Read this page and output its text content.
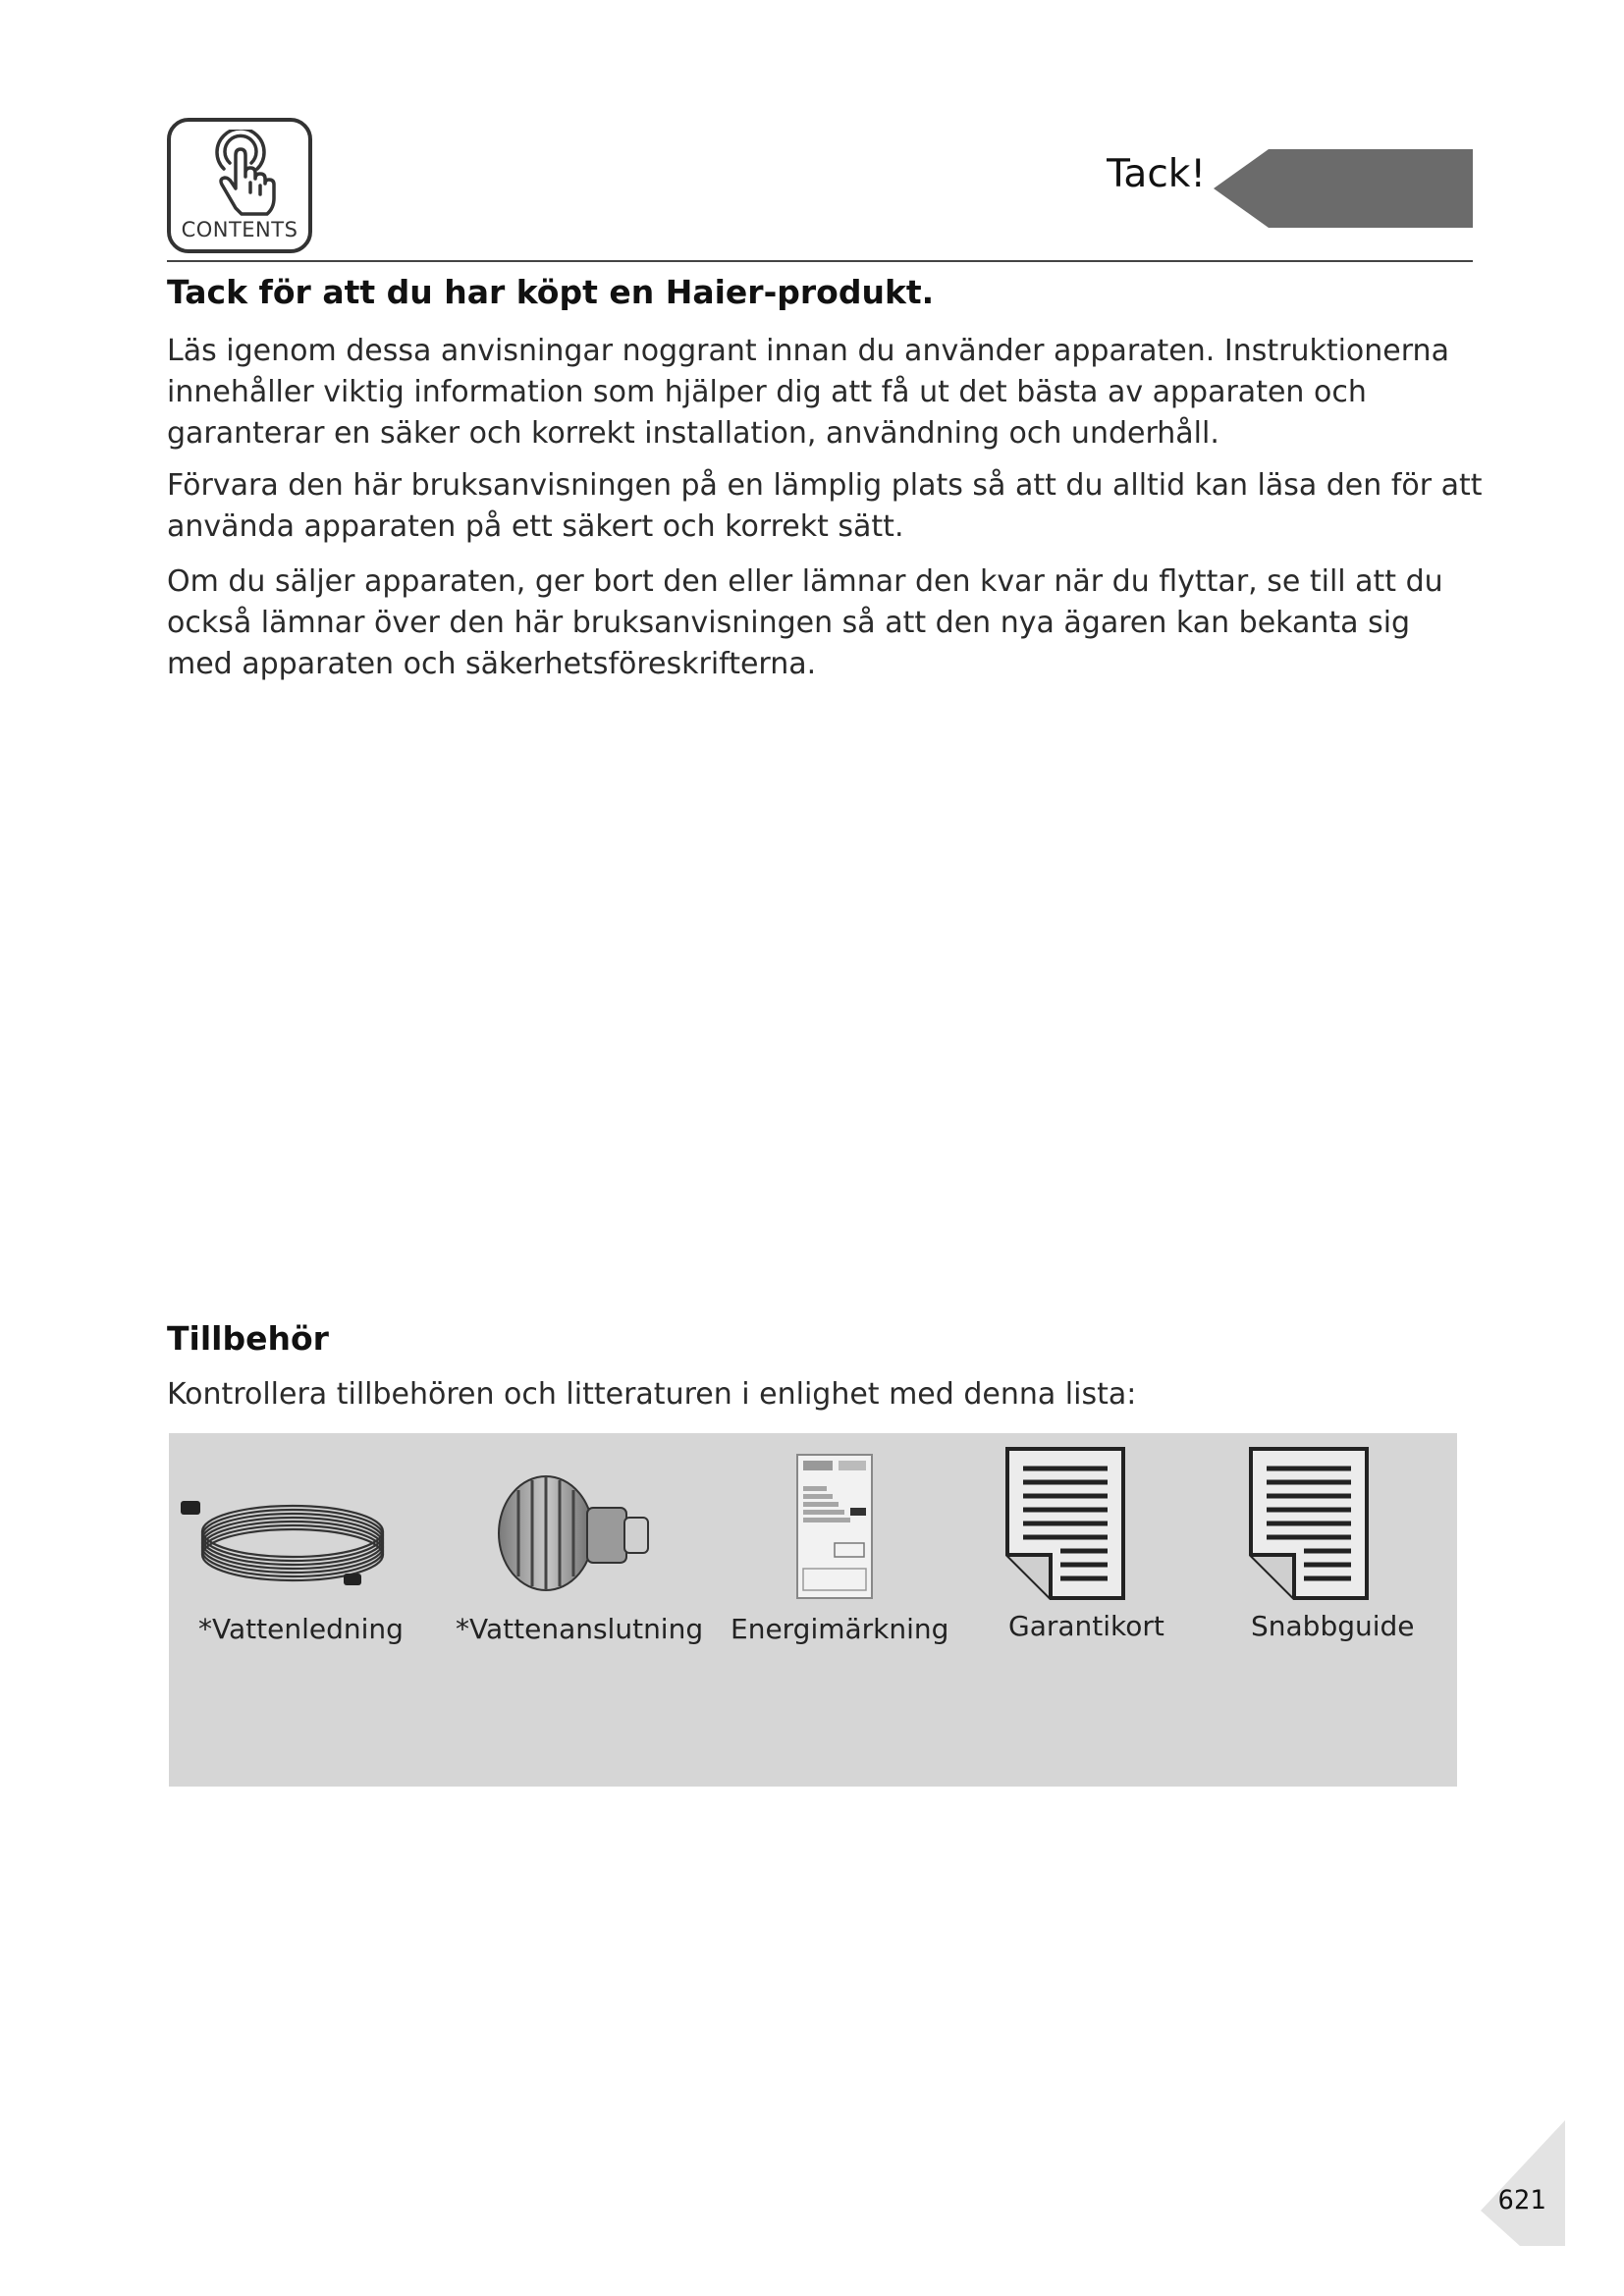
CONTENTS
Tack!
Tack för att du har köpt en Haier-produkt.

Läs igenom dessa anvisningar noggrant innan du använder apparaten. Instruktionerna innehåller viktig information som hjälper dig att få ut det bästa av apparaten och garanterar en säker och korrekt installation, användning och underhåll.

Förvara den här bruksanvisningen på en lämplig plats så att du alltid kan läsa den för att använda apparaten på ett säkert och korrekt sätt.

Om du säljer apparaten, ger bort den eller lämnar den kvar när du flyttar, se till att du också lämnar över den här bruksanvisningen så att den nya ägaren kan bekanta sig med apparaten och säkerhetsföreskrifterna.

Tillbehör

Kontrollera tillbehören och litteraturen i enlighet med denna lista:

*Vattenledning *Vattenanslutning Energimärkning Garantikort	Snabbguide
621
